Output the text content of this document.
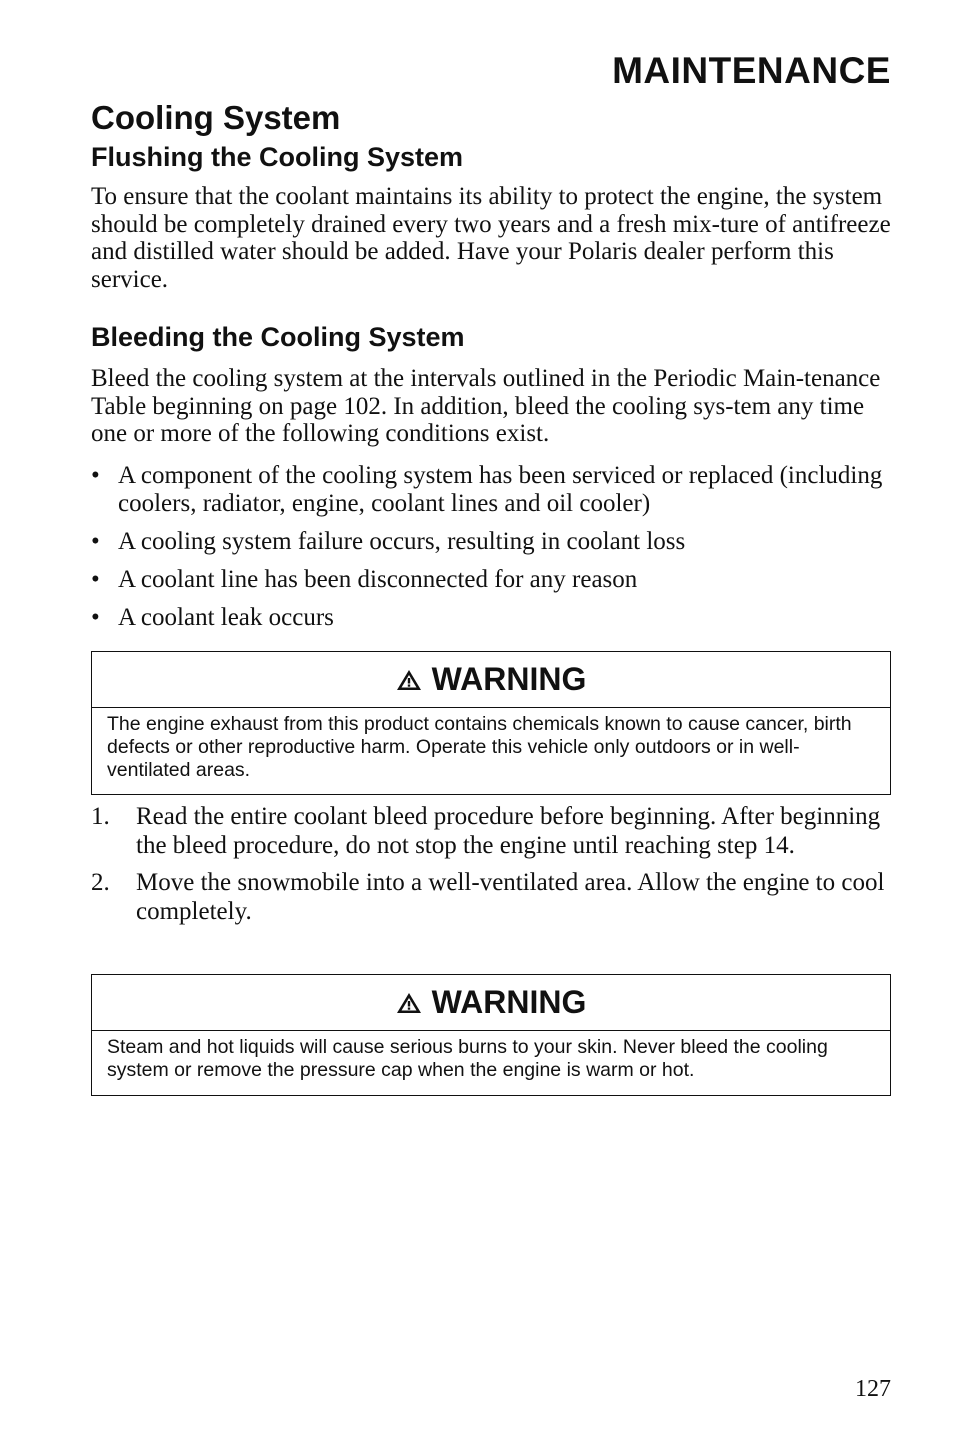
MAINTENANCE
Cooling System
Flushing the Cooling System

To ensure that the coolant maintains its ability to protect the engine, the system should be completely drained every two years and a fresh mix-ture of antifreeze and distilled water should be added. Have your Polaris dealer perform this service.

Bleeding the Cooling System

Bleed the cooling system at the intervals outlined in the Periodic Main-tenance Table beginning on page 102. In addition, bleed the cooling sys-tem any time one or more of the following conditions exist.

• A component of the cooling system has been serviced or replaced (including coolers, radiator, engine, coolant lines and oil cooler)
• A cooling system failure occurs, resulting in coolant loss
• A coolant line has been disconnected for any reason
• A coolant leak occurs
WARNING
The engine exhaust from this product contains chemicals known to cause cancer, birth defects or other reproductive harm. Operate this vehicle only outdoors or in well-ventilated areas.
1. Read the entire coolant bleed procedure before beginning. After beginning the bleed procedure, do not stop the engine until reaching step 14.
2. Move the snowmobile into a well-ventilated area. Allow the engine to cool completely.
WARNING
Steam and hot liquids will cause serious burns to your skin. Never bleed the cooling system or remove the pressure cap when the engine is warm or hot.
127
